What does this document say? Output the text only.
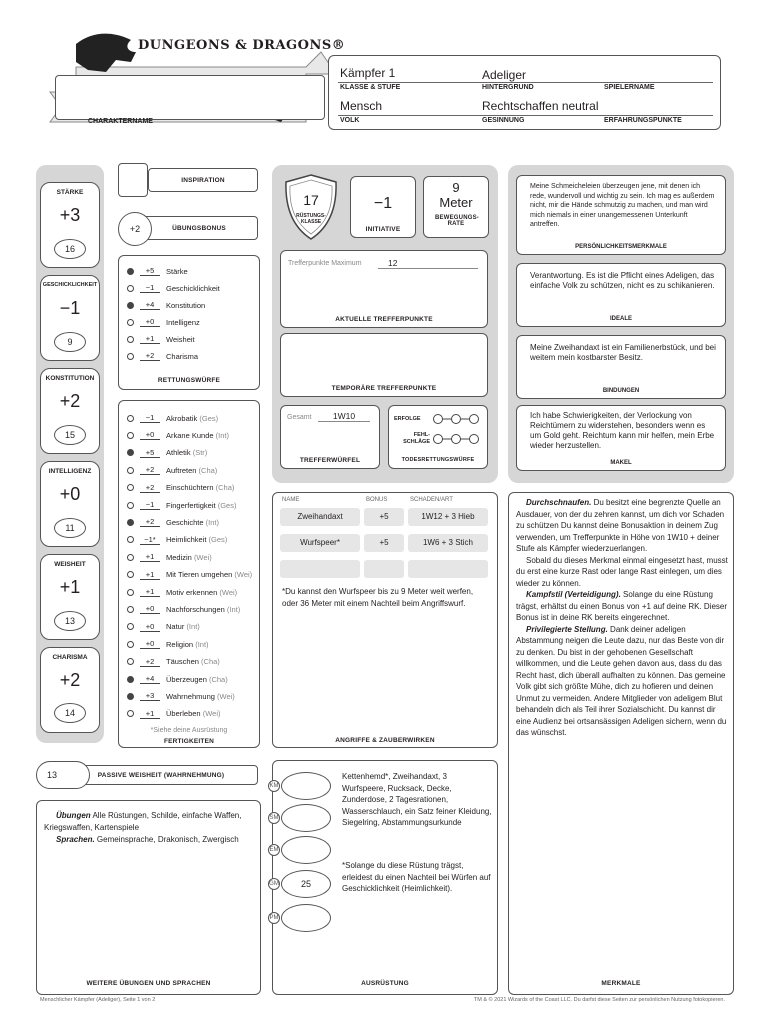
DUNGEONS & DRAGONS®
CHARAKTERNAME
Kämpfer 1
KLASSE & STUFE
Adeliger
HINTERGRUND	SPIELERNAME
Mensch
VOLK
Rechtschaffen neutral
GESINNUNG	ERFAHRUNGSPUNKTE
STÄRKE
+3
16
GESCHICKLICHKEIT
−1
9
KONSTITUTION
+2
15
INTELLIGENZ
+0
11
WEISHEIT
+1
13
CHARISMA
+2
14
INSPIRATION
ÜBUNGSBONUS
+2
+5	Stärke
−1	Geschicklichkeit
+4	Konstitution
+0	Intelligenz
+1	Weisheit
+2	Charisma
RETTUNGSWÜRFE
−1	Akrobatik
(Ges)
+0	Arkane Kunde
(Int)
+5	Athletik
(Str)
+2	Auftreten
(Cha)
+2	Einschüchtern
(Cha)
−1	Fingerfertigkeit
(Ges)
+2	Geschichte
(Int)
−1*	Heimlichkeit
(Ges)
+1	Medizin
(Wei)
+1	Mit Tieren umgehen
(Wei)
+1	Motiv erkennen
(Wei)
+0	Nachforschungen
(Int)
+0	Natur
(Int)
+0	Religion
(Int)
+2	Täuschen
(Cha)
+4	Überzeugen
(Cha)
+3	Wahrnehmung
(Wei)
+1	Überleben
(Wei)
*Siehe deine Ausrüstung
FERTIGKEITEN
PASSIVE WEISHEIT (WAHRNEHMUNG)
13
Übungen Alle Rüstungen, Schilde, einfache Waffen, Kriegswaffen, Kartenspiele
Sprachen. Gemeinsprache, Drakonisch, Zwergisch
WEITERE ÜBUNGEN UND SPRACHEN
17
RÜSTUNGS-KLASSE
−1
INITIATIVE
9
Meter
BEWEGUNGS-RATE
Trefferpunkte Maximum	12
AKTUELLE TREFFERPUNKTE
TEMPORÄRE TREFFERPUNKTE
Gesamt	1W10
TREFFERWÜRFEL
ERFOLGE
FEHL-SCHLÄGE
TODESRETTUNGSWÜRFE
Meine Schmeicheleien überzeugen jene, mit denen ich rede, wundervoll und wichtig zu sein. Ich mag es außerdem nicht, mir die Hände schmutzig zu machen, und man wird mich niemals in einer unangemessenen Unterkunft antreffen.
PERSÖNLICHKEITSMERKMALE
Verantwortung. Es ist die Pflicht eines Adeligen, das einfache Volk zu schützen, nicht es zu schikanieren.
IDEALE
Meine Zweihandaxt ist ein Familienerbstück, und bei weitem mein kostbarster Besitz.
BINDUNGEN
Ich habe Schwierigkeiten, der Verlockung von Reichtümern zu widerstehen, besonders wenn es um Gold geht. Reichtum kann mir helfen, mein Erbe wieder herzustellen.
MAKEL
NAME	BONUS	SCHADEN/ART
Zweihandaxt	+5	1W12 + 3 Hieb
Wurfspeer*	+5	1W6 + 3 Stich
*Du kannst den Wurfspeer bis zu 9 Meter weit werfen, oder 36 Meter mit einem Nachteil beim Angriffswurf.
ANGRIFFE & ZAUBERWIRKEN
KM
SM
EM
25
GM
PM
Kettenhemd*, Zweihandaxt, 3 Wurfspeere, Rucksack, Decke, Zunderdose, 2 Tagesrationen, Wasserschlauch, ein Satz feiner Kleidung, Siegelring, Abstammungsurkunde
*Solange du diese Rüstung trägst, erleidest du einen Nachteil bei Würfen auf Geschicklichkeit (Heimlichkeit).
AUSRÜSTUNG
Durchschnaufen. Du besitzt eine begrenzte Quelle an Ausdauer, von der du zehren kannst, um dich vor Schaden zu schützen Du kannst deine Bonusaktion in deinem Zug verwenden, um Trefferpunkte in Höhe von 1W10 + deiner Stufe als Kämpfer wiederzuerlangen.
Sobald du dieses Merkmal einmal eingesetzt hast, musst du erst eine kurze Rast oder lange Rast einlegen, um dies wieder zu können.
Kampfstil (Verteidigung). Solange du eine Rüstung trägst, erhältst du einen Bonus von +1 auf deine RK. Dieser Bonus ist in deine RK bereits eingerechnet.
Privilegierte Stellung. Dank deiner adeligen Abstammung neigen die Leute dazu, nur das Beste von dir zu denken. Du bist in der gehobenen Gesellschaft willkommen, und die Leute gehen davon aus, dass du das Recht hast, dich überall aufhalten zu können. Das gemeine Volk gibt sich größte Mühe, dich zu hofieren und deinen Unmut zu vermeiden. Andere Mitglieder von adeligem Blut behandeln dich als Teil ihrer Sozialschicht. Du kannst dir eine Audienz bei ortsansässigen Adeligen sichern, wenn du das wünschst.
MERKMALE
Menschlicher Kämpfer (Adeliger), Seite 1 von 2	TM & © 2021 Wizards of the Coast LLC. Du darfst diese Seiten zur persönlichen Nutzung fotokopieren.
